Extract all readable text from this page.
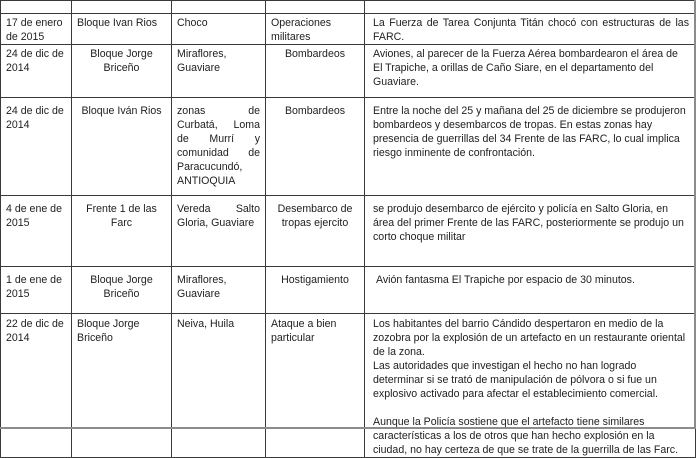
17 de enero de 2015	Bloque Ivan Rios	Choco	Operaciones militares	La Fuerza de Tarea Conjunta Titán chocó con estructuras de las FARC.

24 de dic de 2014	Bloque Jorge Briceño	Miraflores, Guaviare	Bombardeos	Aviones, al parecer de la Fuerza Aérea bombardearon el área de El Trapiche, a orillas de Caño Siare, en el departamento del Guaviare.

24 de dic de 2014	Bloque Iván Rios	zonas de Curbatá, Loma de Murrí y comunidad de Paracucundó, ANTIOQUIA	Bombardeos	Entre la noche del 25 y mañana del 25 de diciembre se produjeron bombardeos y desembarcos de tropas. En estas zonas hay presencia de guerrillas del 34 Frente de las FARC, lo cual implica riesgo inminente de confrontación.

4 de ene de 2015	Frente 1 de las Farc	Vereda Salto Gloria, Guaviare	Desembarco de tropas ejercito	se produjo desembarco de ejército y policía en Salto Gloria, en área del primer Frente de las FARC, posteriormente se produjo un corto choque militar

1 de ene de 2015	Bloque Jorge Briceño	Miraflores, Guaviare	Hostigamiento	Avión fantasma El Trapiche por espacio de 30 minutos.

22 de dic de 2014	Bloque Jorge Briceño	Neiva, Huila	Ataque a bien particular	Los habitantes del barrio Cándido despertaron en medio de la zozobra por la explosión de un artefacto en un restaurante oriental de la zona.
Las autoridades que investigan el hecho no han logrado determinar si se trató de manipulación de pólvora o si fue un explosivo activado para afectar el establecimiento comercial.
Aunque la Policía sostiene que el artefacto tiene similares características a los de otros que han hecho explosión en la ciudad, no hay certeza de que se trate de la guerrilla de las Farc.
